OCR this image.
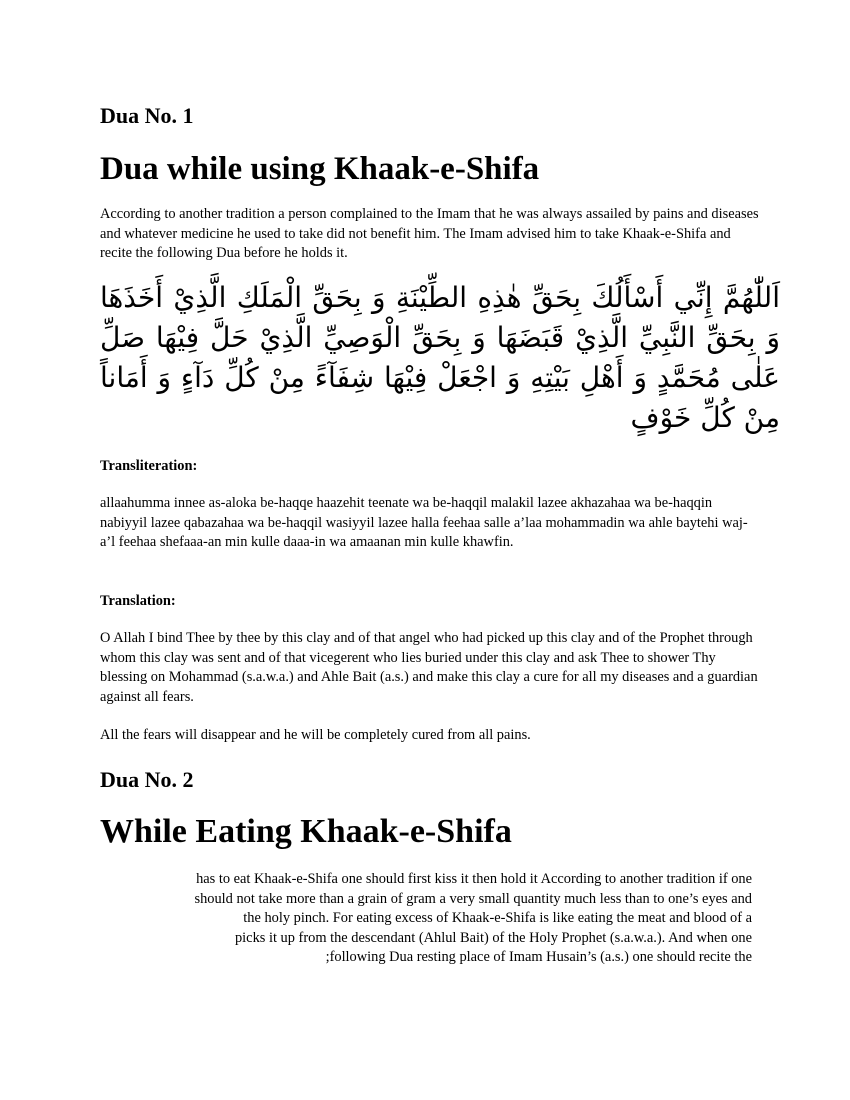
Dua No. 1
Dua while using Khaak-e-Shifa

According to another tradition a person complained to the Imam that he was always assailed by pains and diseases and whatever medicine he used to take did not benefit him. The Imam advised him to take Khaak-e-Shifa and recite the following Dua before he holds it.

اَللّٰهُمَّ إِنِّي أَسْأَلُكَ بِحَقِّ هٰذِهِ الطِّيْنَةِ وَ بِحَقِّ الْمَلَكِ الَّذِيْ أَخَذَهَا وَ بِحَقِّ النَّبِيِّ الَّذِيْ قَبَضَهَا وَ بِحَقِّ الْوَصِيِّ الَّذِيْ حَلَّ فِيْهَا صَلِّ عَلٰى مُحَمَّدٍ وَ أَهْلِ بَيْتِهِ وَ اجْعَلْ فِيْهَا شِفَآءً مِنْ كُلِّ دَآءٍ وَ أَمَاناً مِنْ كُلِّ خَوْفٍ

Transliteration:

allaahumma innee as-aloka be-haqqe haazehit teenate wa be-haqqil malakil lazee akhazahaa wa be-haqqin nabiyyil lazee qabazahaa wa be-haqqil wasiyyil lazee halla feehaa salle a’laa mohammadin wa ahle baytehi waj-a’l feehaa shefaaa-an min kulle daaa-in wa amaanan min kulle khawfin.

Translation:

O Allah I bind Thee by thee by this clay and of that angel who had picked up this clay and of the Prophet through whom this clay was sent and of that vicegerent who lies buried under this clay and ask Thee to shower Thy blessing on Mohammad (s.a.w.a.) and Ahle Bait (a.s.) and make this clay a cure for all my diseases and a guardian against all fears.

All the fears will disappear and he will be completely cured from all pains.

Dua No. 2
While Eating Khaak-e-Shifa
has to eat Khaak-e-Shifa one should first kiss it then hold it According to another tradition if one
should not take more than a grain of gram a very small quantity much less than to one’s eyes and
the holy pinch. For eating excess of Khaak-e-Shifa is like eating the meat and blood of a
picks it up from the descendant (Ahlul Bait) of the Holy Prophet (s.a.w.a.). And when one
;following Dua resting place of Imam Husain’s (a.s.) one should recite the
